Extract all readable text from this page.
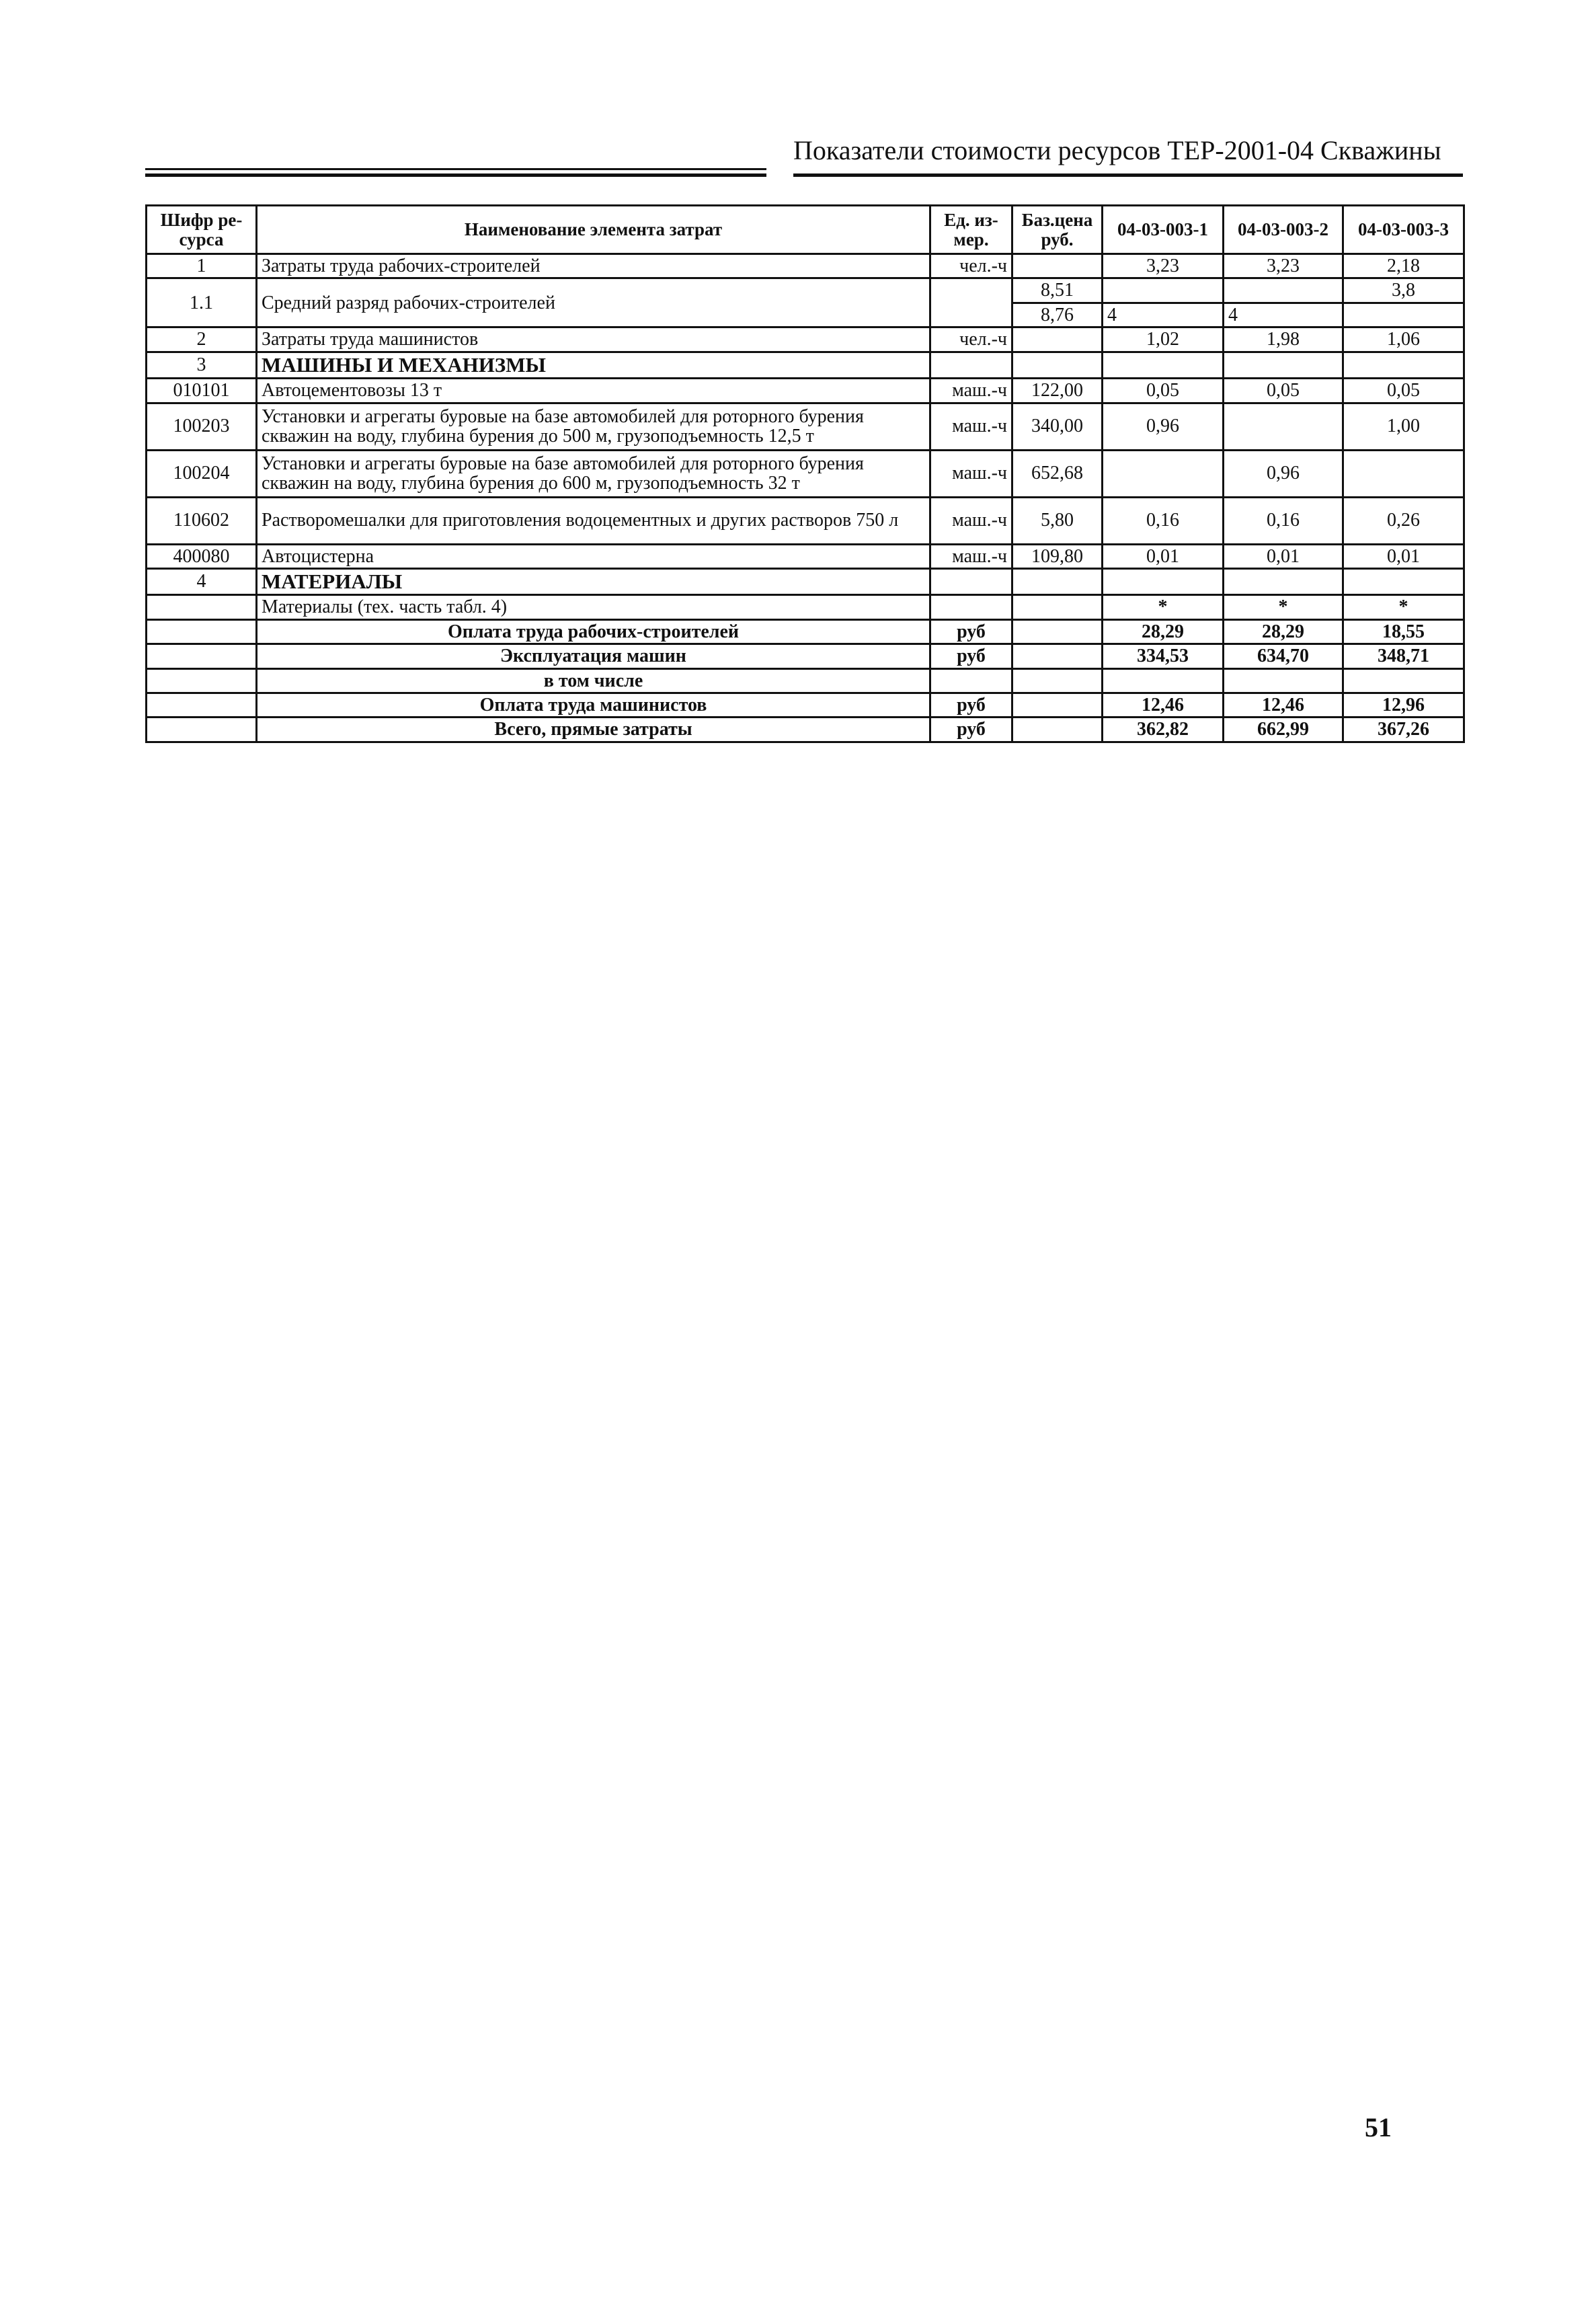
Показатели стоимости ресурсов ТЕР-2001-04 Скважины
Шифр ре-сурса	Наименование элемента затрат	Ед. из-мер.	Баз.цена руб.	04-03-003-1	04-03-003-2	04-03-003-3
1	Затраты труда рабочих-строителей	чел.-ч		3,23	3,23	2,18
1.1	Средний разряд рабочих-строителей		8,51			3,8
			8,76	4	4	
2	Затраты труда машинистов	чел.-ч		1,02	1,98	1,06
3	МАШИНЫ И МЕХАНИЗМЫ					
010101	Автоцементовозы 13 т	маш.-ч	122,00	0,05	0,05	0,05
100203	Установки и агрегаты буровые на базе автомобилей для роторного бурения скважин на воду, глубина бурения до 500 м, грузоподъемность 12,5 т	маш.-ч	340,00	0,96		1,00
100204	Установки и агрегаты буровые на базе автомобилей для роторного бурения скважин на воду, глубина бурения до 600 м, грузоподъемность 32 т	маш.-ч	652,68		0,96	
110602	Растворомешалки для приготовления водоцементных и других растворов 750 л	маш.-ч	5,80	0,16	0,16	0,26
400080	Автоцистерна	маш.-ч	109,80	0,01	0,01	0,01
4	МАТЕРИАЛЫ					
	Материалы (тех. часть табл. 4)			*	*	*
	Оплата труда рабочих-строителей	руб		28,29	28,29	18,55
	Эксплуатация машин	руб		334,53	634,70	348,71
	в том числе					
	Оплата труда машинистов	руб		12,46	12,46	12,96
	Всего, прямые затраты	руб		362,82	662,99	367,26
51
